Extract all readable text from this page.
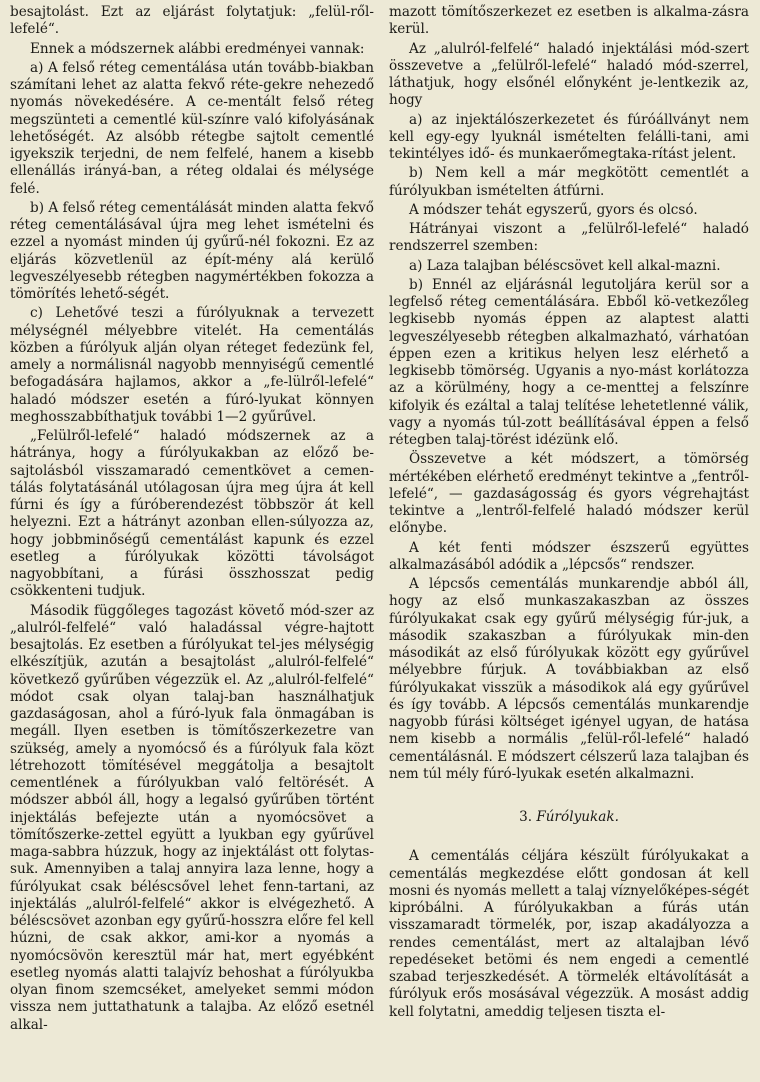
besajtolást. Ezt az eljárást folytatjuk: „felül-ről-lefelé“.

Ennek a módszernek alábbi eredményei vannak:

a) A felső réteg cementálása után tovább-biakban számítani lehet az alatta fekvő réte-gekre nehezedő nyomás növekedésére. A ce-mentált felső réteg megszünteti a cementlé kül-színre való kifolyásának lehetőségét. Az alsóbb rétegbe sajtolt cementlé igyekszik terjedni, de nem felfelé, hanem a kisebb ellenállás irányá-ban, a réteg oldalai és mélysége felé.

b) A felső réteg cementálását minden alatta fekvő réteg cementálásával újra meg lehet ismételni és ezzel a nyomást minden új gyűrű-nél fokozni. Ez az eljárás közvetlenül az épít-mény alá kerülő legveszélyesebb rétegben nagymértékben fokozza a tömörítés lehető-ségét.

c) Lehetővé teszi a fúrólyuknak a tervezett mélységnél mélyebbre vitelét. Ha cementálás közben a fúrólyuk alján olyan réteget fedezünk fel, amely a normálisnál nagyobb mennyiségű cementlé befogadására hajlamos, akkor a „fe-lülről-lefelé“ haladó módszer esetén a fúró-lyukat könnyen meghosszabbíthatjuk további 1—2 gyűrűvel.

„Felülről-lefelé“ haladó módszernek az a hátránya, hogy a fúrólyukakban az előző be-sajtolásból visszamaradó cementkövet a cemen-tálás folytatásánál utólagosan újra meg újra át kell fúrni és így a fúróberendezést többször át kell helyezni. Ezt a hátrányt azonban ellen-súlyozza az, hogy jobbminőségű cementálást kapunk és ezzel esetleg a fúrólyukak közötti távolságot nagyobbítani, a fúrási összhosszat pedig csökkenteni tudjuk.

Második függőleges tagozást követő mód-szer az „alulról-felfelé“ való haladással végre-hajtott besajtolás. Ez esetben a fúrólyukat tel-jes mélységig elkészítjük, azután a besajtolást „alulról-felfelé“ következő gyűrűben végezzük el. Az „alulról-felfelé“ módot csak olyan talaj-ban használhatjuk gazdaságosan, ahol a fúró-lyuk fala önmagában is megáll. Ilyen esetben is tömítőszerkezetre van szükség, amely a nyomócső és a fúrólyuk fala közt létrehozott tömítésével meggátolja a besajtolt cementlének a fúrólyukban való feltörését. A módszer abból áll, hogy a legalsó gyűrűben történt injektálás befejezte után a nyomócsövet a tömítőszerke-zettel együtt a lyukban egy gyűrűvel maga-sabbra húzzuk, hogy az injektálást ott folytas-suk. Amennyiben a talaj annyira laza lenne, hogy a fúrólyukat csak béléscsővel lehet fenn-tartani, az injektálás „alulról-felfelé“ akkor is elvégezhető. A béléscsövet azonban egy gyűrű-hosszra előre fel kell húzni, de csak akkor, ami-kor a nyomás a nyomócsövön keresztül már hat, mert egyébként esetleg nyomás alatti talajvíz behoshat a fúrólyukba olyan finom szemcséket, amelyeket semmi módon vissza nem juttathatunk a talajba. Az előző esetnél alkal-

mazott tömítőszerkezet ez esetben is alkalma-zásra kerül.

Az „alulról-felfelé“ haladó injektálási mód-szert összevetve a „felülről-lefelé“ haladó mód-szerrel, láthatjuk, hogy elsőnél előnyként je-lentkezik az, hogy

a) az injektálószerkezetet és fúróállványt nem kell egy-egy lyuknál ismételten felálli-tani, ami tekintélyes idő- és munkaerőmegtaka-rítást jelent.

b) Nem kell a már megkötött cementlét a fúrólyukban ismételten átfúrni.

A módszer tehát egyszerű, gyors és olcsó.

Hátrányai viszont a „felülről-lefelé“ haladó rendszerrel szemben:

a) Laza talajban béléscsövet kell alkal-mazni.

b) Ennél az eljárásnál legutoljára kerül sor a legfelső réteg cementálására. Ebből kö-vetkezőleg legkisebb nyomás éppen az alaptest alatti legveszélyesebb rétegben alkalmazható, várhatóan éppen ezen a kritikus helyen lesz elérhető a legkisebb tömörség. Ugyanis a nyo-mást korlátozza az a körülmény, hogy a ce-menttej a felszínre kifolyik és ezáltal a talaj telítése lehetetlenné válik, vagy a nyomás túl-zott beállításával éppen a felső rétegben talaj-törést idézünk elő.

Összevetve a két módszert, a tömörség mértékében elérhető eredményt tekintve a „fentről-lefelé“, — gazdaságosság és gyors végrehajtást tekintve a „lentről-felfelé haladó módszer kerül előnybe.

A két fenti módszer észszerű együttes alkalmazásából adódik a „lépcsős“ rendszer.

A lépcsős cementálás munkarendje abból áll, hogy az első munkaszakaszban az összes fúrólyukakat csak egy gyűrű mélységig fúr-juk, a második szakaszban a fúrólyukak min-den másodikát az első fúrólyukak között egy gyűrűvel mélyebbre fúrjuk. A továbbiakban az első fúrólyukakat visszük a másodikok alá egy gyűrűvel és így tovább. A lépcsős cementálás munkarendje nagyobb fúrási költséget igényel ugyan, de hatása nem kisebb a normális „felül-ről-lefelé“ haladó cementálásnál. E módszert célszerű laza talajban és nem túl mély fúró-lyukak esetén alkalmazni.

3. Fúrólyukak.

A cementálás céljára készült fúrólyukakat a cementálás megkezdése előtt gondosan át kell mosni és nyomás mellett a talaj víznyelőképes-ségét kipróbálni. A fúrólyukakban a fúrás után visszamaradt törmelék, por, iszap akadályozza a rendes cementálást, mert az altalajban lévő repedéseket betömi és nem engedi a cementlé szabad terjeszkedését. A törmelék eltávolítását a fúrólyuk erős mosásával végezzük. A mosást addig kell folytatni, ameddig teljesen tiszta el-
